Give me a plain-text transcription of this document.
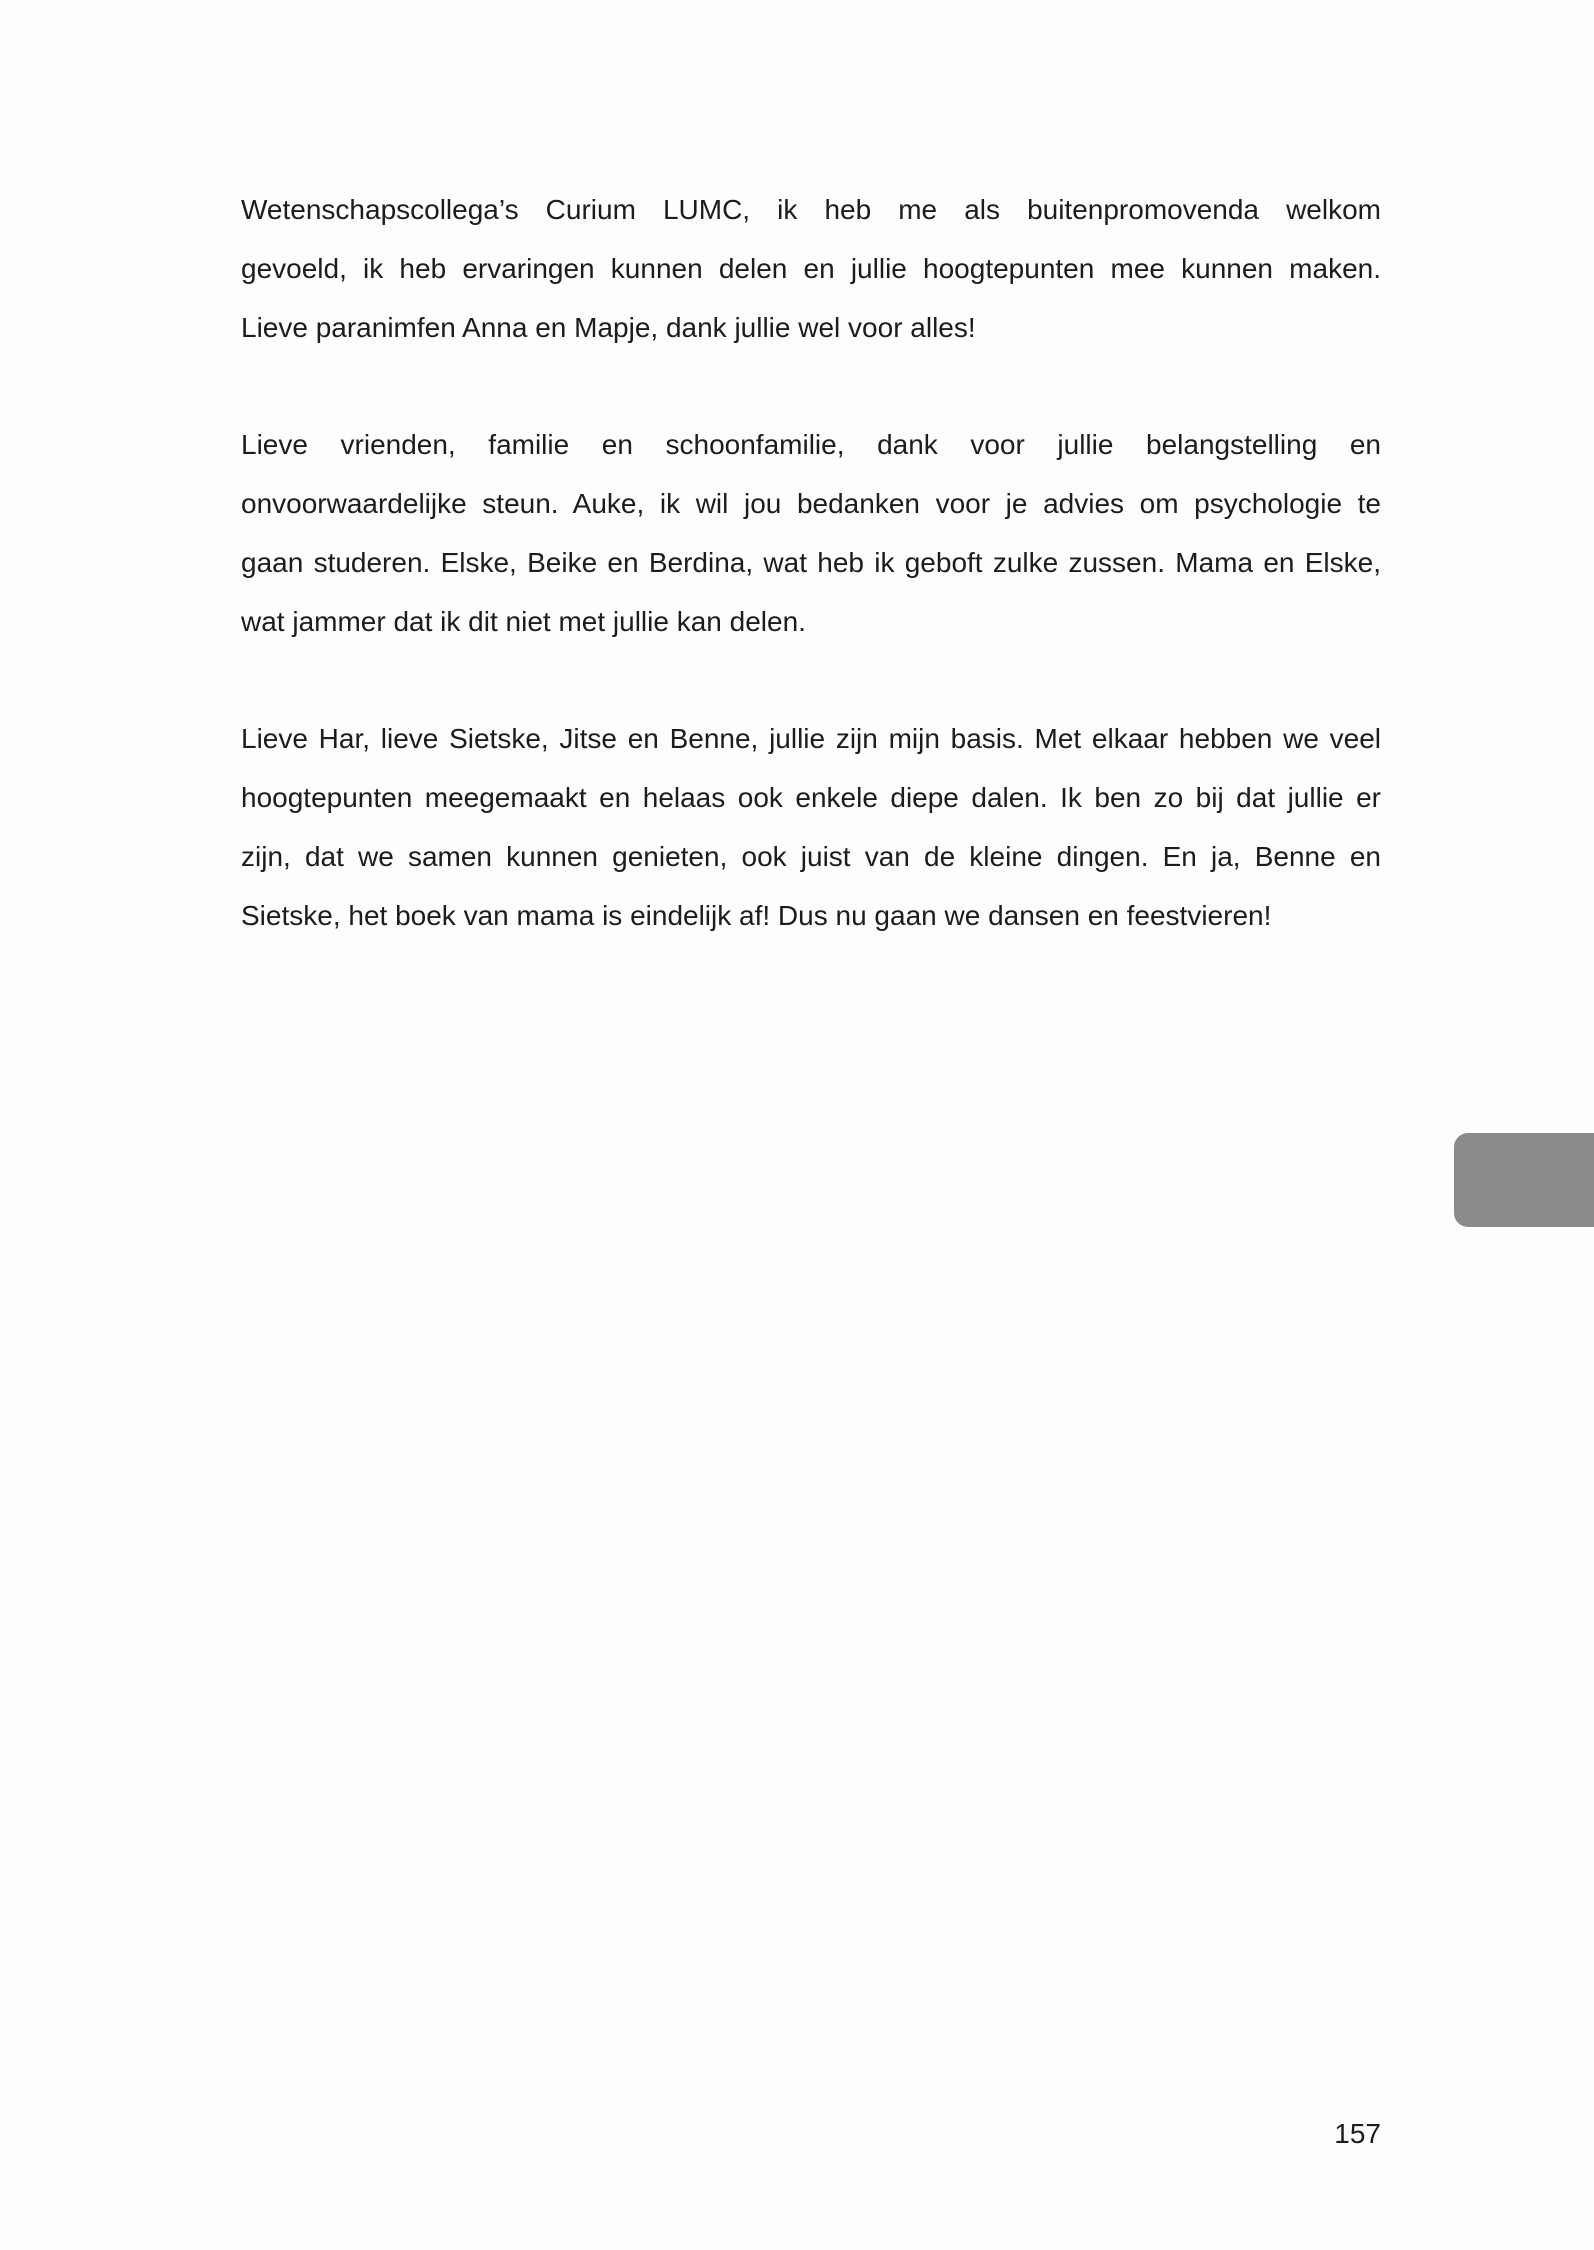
Wetenschapscollega’s Curium LUMC, ik heb me als buitenpromovenda welkom
gevoeld, ik heb ervaringen kunnen delen en jullie hoogtepunten mee kunnen maken.
Lieve paranimfen Anna en Mapje, dank jullie wel voor alles!

Lieve vrienden, familie en schoonfamilie, dank voor jullie belangstelling en
onvoorwaardelijke steun. Auke, ik wil jou bedanken voor je advies om psychologie te
gaan studeren. Elske, Beike en Berdina, wat heb ik geboft zulke zussen. Mama en Elske,
wat jammer dat ik dit niet met jullie kan delen.

Lieve Har, lieve Sietske, Jitse en Benne, jullie zijn mijn basis. Met elkaar hebben we veel
hoogtepunten meegemaakt en helaas ook enkele diepe dalen. Ik ben zo bij dat jullie er
zijn, dat we samen kunnen genieten, ook juist van de kleine dingen. En ja, Benne en
Sietske, het boek van mama is eindelijk af! Dus nu gaan we dansen en feestvieren!

157
